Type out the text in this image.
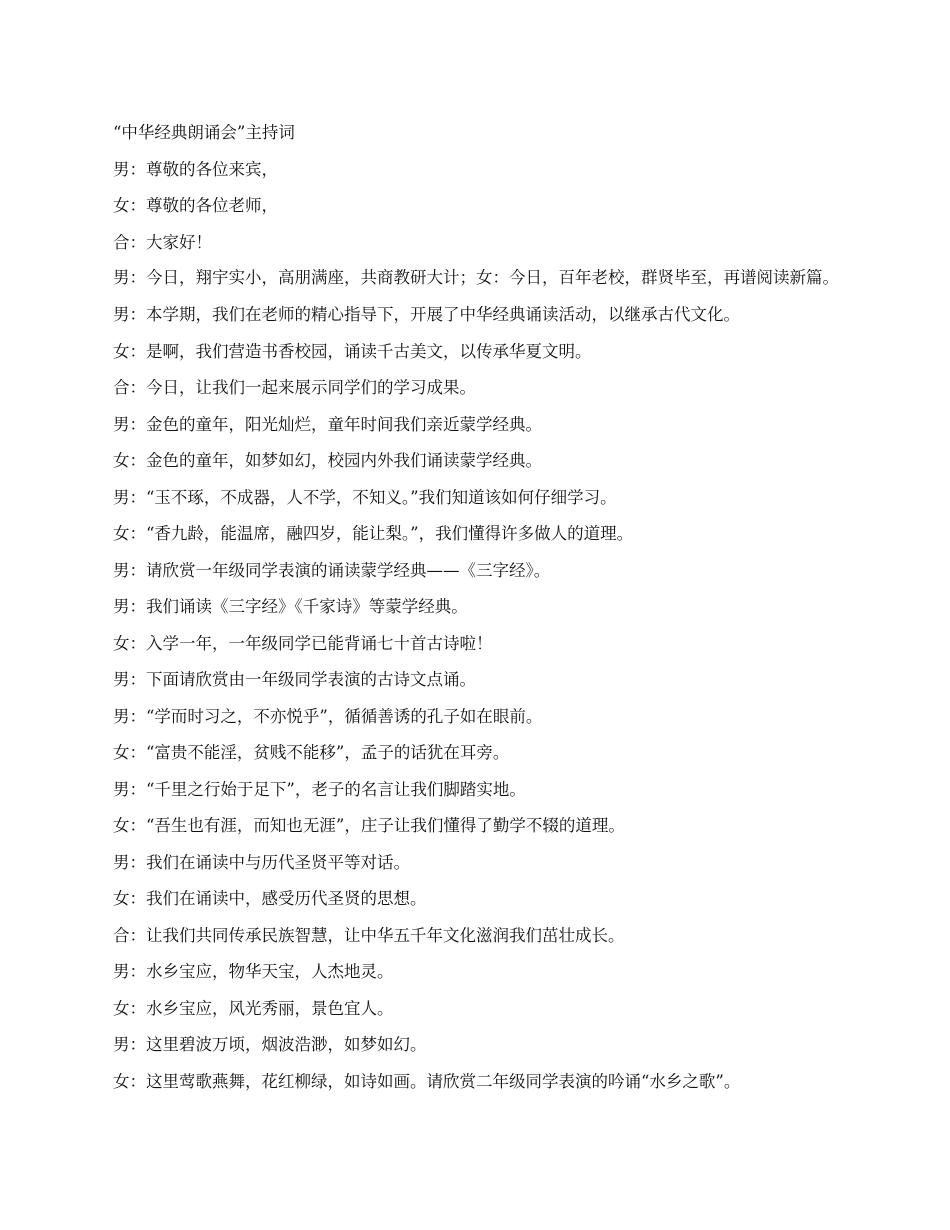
“中华经典朗诵会”主持词

男：尊敬的各位来宾，

女：尊敬的各位老师，

合：大家好！

男：今日，翔宇实小，高朋满座，共商教研大计；女：今日，百年老校，群贤毕至，再谱阅读新篇。

男：本学期，我们在老师的精心指导下，开展了中华经典诵读活动，以继承古代文化。

女：是啊，我们营造书香校园，诵读千古美文，以传承华夏文明。

合：今日，让我们一起来展示同学们的学习成果。

男：金色的童年，阳光灿烂，童年时间我们亲近蒙学经典。

女：金色的童年，如梦如幻，校园内外我们诵读蒙学经典。

男：“玉不琢，不成器，人不学，不知义。”我们知道该如何仔细学习。

女：“香九龄，能温席，融四岁，能让梨。”，我们懂得许多做人的道理。

男：请欣赏一年级同学表演的诵读蒙学经典——《三字经》。

男：我们诵读《三字经》《千家诗》等蒙学经典。

女：入学一年，一年级同学已能背诵七十首古诗啦！

男：下面请欣赏由一年级同学表演的古诗文点诵。

男：“学而时习之，不亦悦乎”，循循善诱的孔子如在眼前。

女：“富贵不能淫，贫贱不能移”，孟子的话犹在耳旁。

男：“千里之行始于足下”，老子的名言让我们脚踏实地。

女：“吾生也有涯，而知也无涯”，庄子让我们懂得了勤学不辍的道理。

男：我们在诵读中与历代圣贤平等对话。

女：我们在诵读中，感受历代圣贤的思想。

合：让我们共同传承民族智慧，让中华五千年文化滋润我们茁壮成长。

男：水乡宝应，物华天宝，人杰地灵。

女：水乡宝应，风光秀丽，景色宜人。

男：这里碧波万顷，烟波浩渺，如梦如幻。

女：这里莺歌燕舞，花红柳绿，如诗如画。请欣赏二年级同学表演的吟诵“水乡之歌”。
